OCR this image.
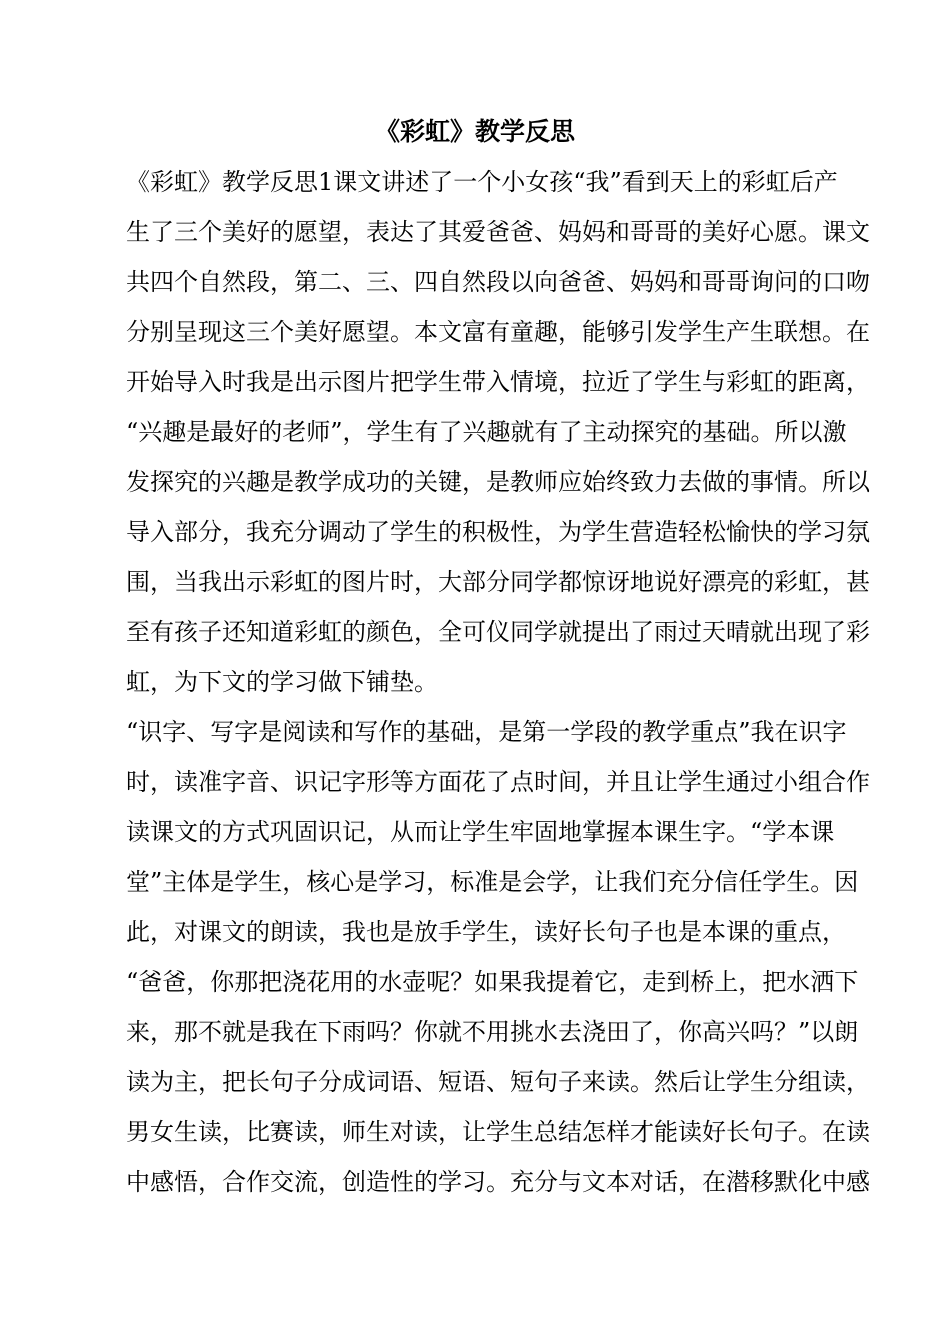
《彩虹》教学反思
《彩虹》教学反思1课文讲述了一个小女孩“我”看到天上的彩虹后产
生了三个美好的愿望，表达了其爱爸爸、妈妈和哥哥的美好心愿。课文
共四个自然段，第二、三、四自然段以向爸爸、妈妈和哥哥询问的口吻
分别呈现这三个美好愿望。本文富有童趣，能够引发学生产生联想。在
开始导入时我是出示图片把学生带入情境，拉近了学生与彩虹的距离，
“兴趣是最好的老师”，学生有了兴趣就有了主动探究的基础。所以激
发探究的兴趣是教学成功的关键，是教师应始终致力去做的事情。所以
导入部分，我充分调动了学生的积极性，为学生营造轻松愉快的学习氛
围，当我出示彩虹的图片时，大部分同学都惊讶地说好漂亮的彩虹，甚
至有孩子还知道彩虹的颜色，全可仪同学就提出了雨过天晴就出现了彩
虹，为下文的学习做下铺垫。
“识字、写字是阅读和写作的基础，是第一学段的教学重点”我在识字
时，读准字音、识记字形等方面花了点时间，并且让学生通过小组合作
读课文的方式巩固识记，从而让学生牢固地掌握本课生字。“学本课
堂”主体是学生，核心是学习，标准是会学，让我们充分信任学生。因
此，对课文的朗读，我也是放手学生，读好长句子也是本课的重点，
“爸爸，你那把浇花用的水壶呢？如果我提着它，走到桥上，把水洒下
来，那不就是我在下雨吗？你就不用挑水去浇田了，你高兴吗？”以朗
读为主，把长句子分成词语、短语、短句子来读。然后让学生分组读，
男女生读，比赛读，师生对读，让学生总结怎样才能读好长句子。在读
中感悟，合作交流，创造性的学习。充分与文本对话，在潜移默化中感
